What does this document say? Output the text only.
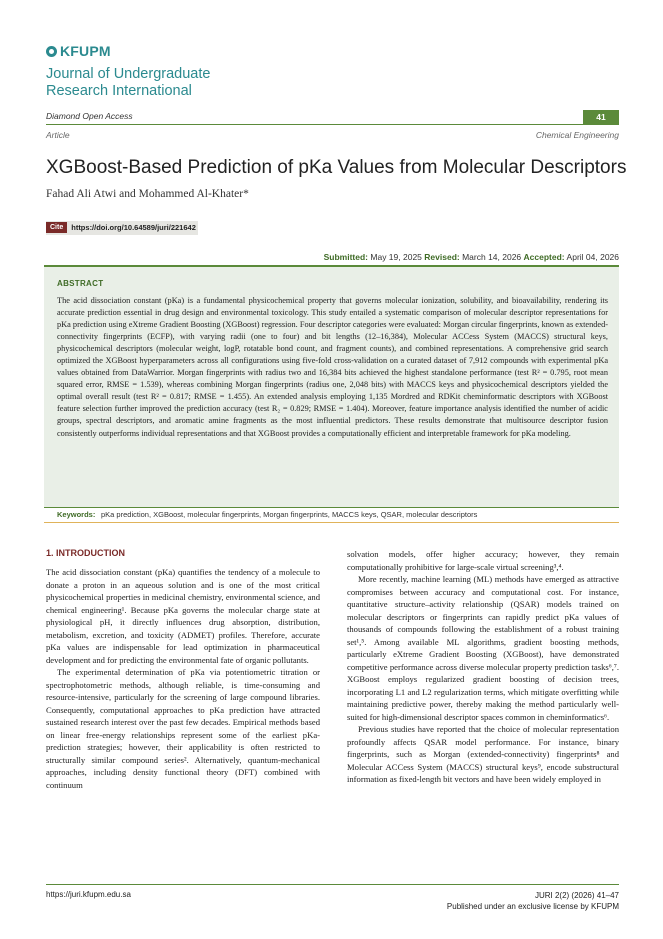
KFUPM
Journal of Undergraduate
Research International
Diamond Open Access	41
Article	Chemical Engineering
XGBoost-Based Prediction of pKa Values from Molecular Descriptors
Fahad Ali Atwi and Mohammed Al-Khater*
Cite	https://doi.org/10.64589/juri/221642
Submitted: May 19, 2025 Revised: March 14, 2026 Accepted: April 04, 2026
ABSTRACT
The acid dissociation constant (pKa) is a fundamental physicochemical property that governs molecular ionization, solubility, and bioavailability, rendering its accurate prediction essential in drug design and environmental toxicology. This study entailed a systematic comparison of molecular descriptor representations for pKa prediction using eXtreme Gradient Boosting (XGBoost) regression. Four descriptor categories were evaluated: Morgan circular fingerprints, known as extended-connectivity fingerprints (ECFP), with varying radii (one to four) and bit lengths (12–16,384), Molecular ACCess System (MACCS) structural keys, physicochemical descriptors (molecular weight, logP, rotatable bond count, and fragment counts), and combined representations. A comprehensive grid search optimized the XGBoost hyperparameters across all configurations using five-fold cross-validation on a curated dataset of 7,912 compounds with experimental pKa values obtained from DataWarrior. Morgan fingerprints with radius two and 16,384 bits achieved the highest standalone performance (test R² = 0.795, root mean squared error, RMSE = 1.539), whereas combining Morgan fingerprints (radius one, 2,048 bits) with MACCS keys and physicochemical descriptors yielded the optimal overall result (test R² = 0.817; RMSE = 1.455). An extended analysis employing 1,135 Mordred and RDKit cheminformatic descriptors with XGBoost feature selection further improved the prediction accuracy (test R₂ = 0.829; RMSE = 1.404). Moreover, feature importance analysis identified the number of acidic groups, spectral descriptors, and aromatic amine fragments as the most influential predictors. These results demonstrate that multisource descriptor fusion consistently outperforms individual representations and that XGBoost provides a computationally efficient and interpretable framework for pKa modeling.
Keywords: pKa prediction, XGBoost, molecular fingerprints, Morgan fingerprints, MACCS keys, QSAR, molecular descriptors
1. INTRODUCTION

The acid dissociation constant (pKa) quantifies the tendency of a molecule to donate a proton in an aqueous solution and is one of the most critical physicochemical properties in medicinal chemistry, environmental science, and chemical engineering¹. Because pKa governs the molecular charge state at physiological pH, it directly influences drug absorption, distribution, metabolism, excretion, and toxicity (ADMET) profiles. Therefore, accurate pKa values are indispensable for lead optimization in pharmaceutical development and for predicting the environmental fate of organic pollutants.

The experimental determination of pKa via potentiometric titration or spectrophotometric methods, although reliable, is time-consuming and resource-intensive, particularly for the screening of large compound libraries. Consequently, computational approaches to pKa prediction have attracted sustained research interest over the past few decades. Empirical methods based on linear free-energy relationships represent some of the earliest pKa-prediction strategies; however, their applicability is often restricted to structurally similar compound series². Alternatively, quantum-mechanical approaches, including density functional theory (DFT) combined with continuum

solvation models, offer higher accuracy; however, they remain computationally prohibitive for large-scale virtual screening³,⁴.

More recently, machine learning (ML) methods have emerged as attractive compromises between accuracy and computational cost. For instance, quantitative structure–activity relationship (QSAR) models trained on molecular descriptors or fingerprints can rapidly predict pKa values of thousands of compounds following the establishment of a robust training set¹,⁵. Among available ML algorithms, gradient boosting methods, particularly eXtreme Gradient Boosting (XGBoost), have demonstrated competitive performance across diverse molecular property prediction tasks⁶,⁷. XGBoost employs regularized gradient boosting of decision trees, incorporating L1 and L2 regularization terms, which mitigate overfitting while maintaining predictive power, thereby making the method particularly well-suited for high-dimensional descriptor spaces common in cheminformatics⁶.

Previous studies have reported that the choice of molecular representation profoundly affects QSAR model performance. For instance, binary fingerprints, such as Morgan (extended-connectivity) fingerprints⁸ and Molecular ACCess System (MACCS) structural keys⁹, encode substructural information as fixed-length bit vectors and have been widely employed in

https://juri.kfupm.edu.sa	JURI 2(2) (2026) 41–47
Published under an exclusive license by KFUPM
